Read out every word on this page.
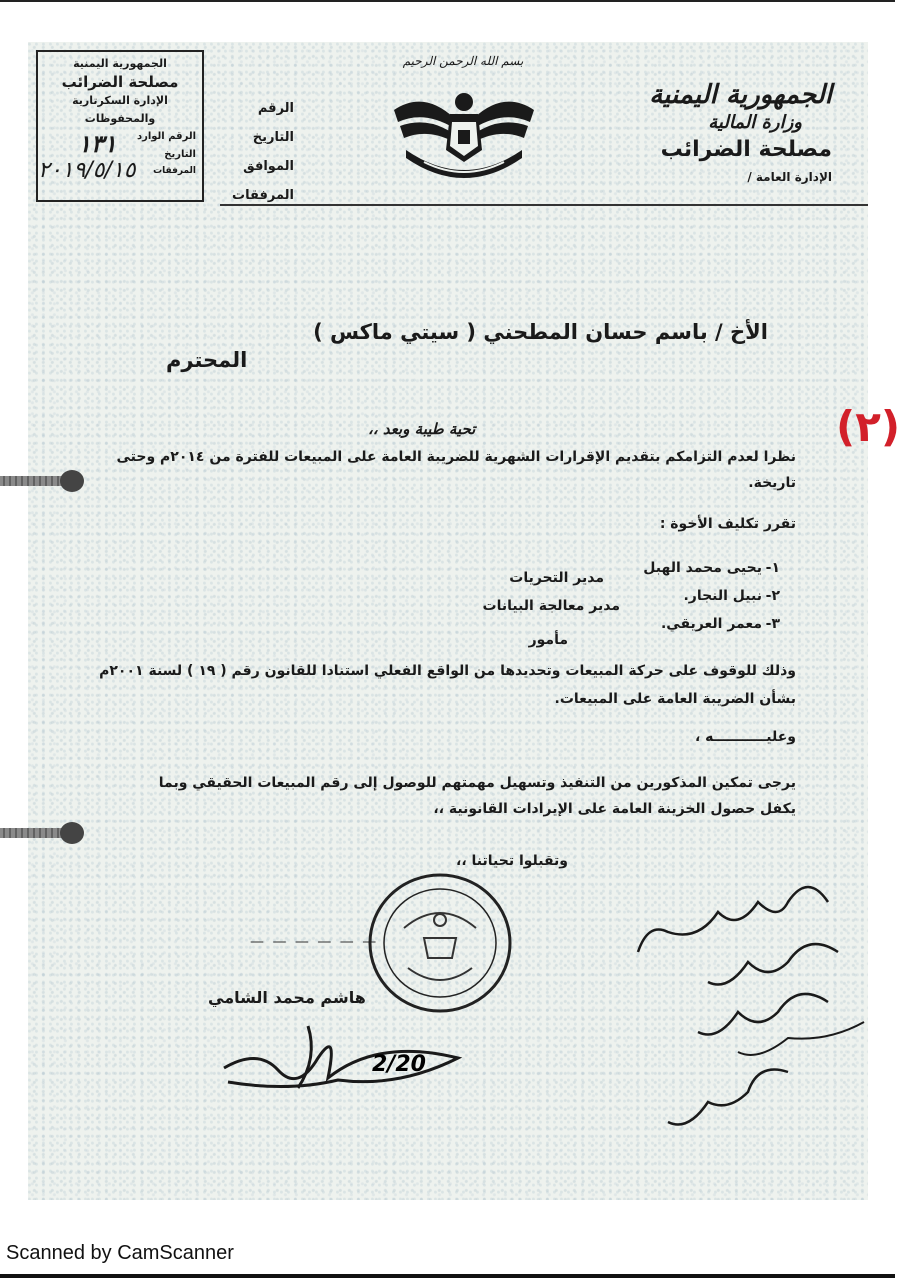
الجمهورية اليمنية
مصلحة الضرائب
الإدارة السكرتارية والمحفوظات
الرقم الوارد
التاريخ
المرفقات
١٣١
٢٠١٩/٥/١٥
الرقم
التاريخ
الموافق
المرفقات
بسم الله الرحمن الرحيم
الجمهورية اليمنية
وزارة المالية
مصلحة الضرائب
الإدارة العامة /
(٢)
الأخ / باسم حسان المطحني ( سيتي ماكس )
المحترم
تحية طيبة وبعد ،،
نظرا لعدم التزامكم بتقديم الإقرارات الشهرية للضريبة العامة على المبيعات للفترة من ٢٠١٤م وحتى
تاريخة.
تقرر تكليف الأخوة :
١-
يحيى محمد الهبل
مدير التحريات
٢-
نبيل النجار.
مدير معالجة البيانات
٣-
معمر العريقي.
مأمور
وذلك للوقوف على حركة المبيعات وتحديدها من الواقع الفعلي استنادا للقانون رقم ( ١٩ ) لسنة ٢٠٠١م
بشأن الضريبة العامة على المبيعات.
وعليـــــــــــه ،
يرجى تمكين المذكورين من التنفيذ وتسهيل مهمتهم للوصول إلى رقم المبيعات الحقيقي وبما
يكفل حصول الخزينة العامة على الإيرادات القانونية ،،
وتقبلوا تحياتنا ،،
— — — — — —
هاشم محمد الشامي
2/20
Scanned by CamScanner
